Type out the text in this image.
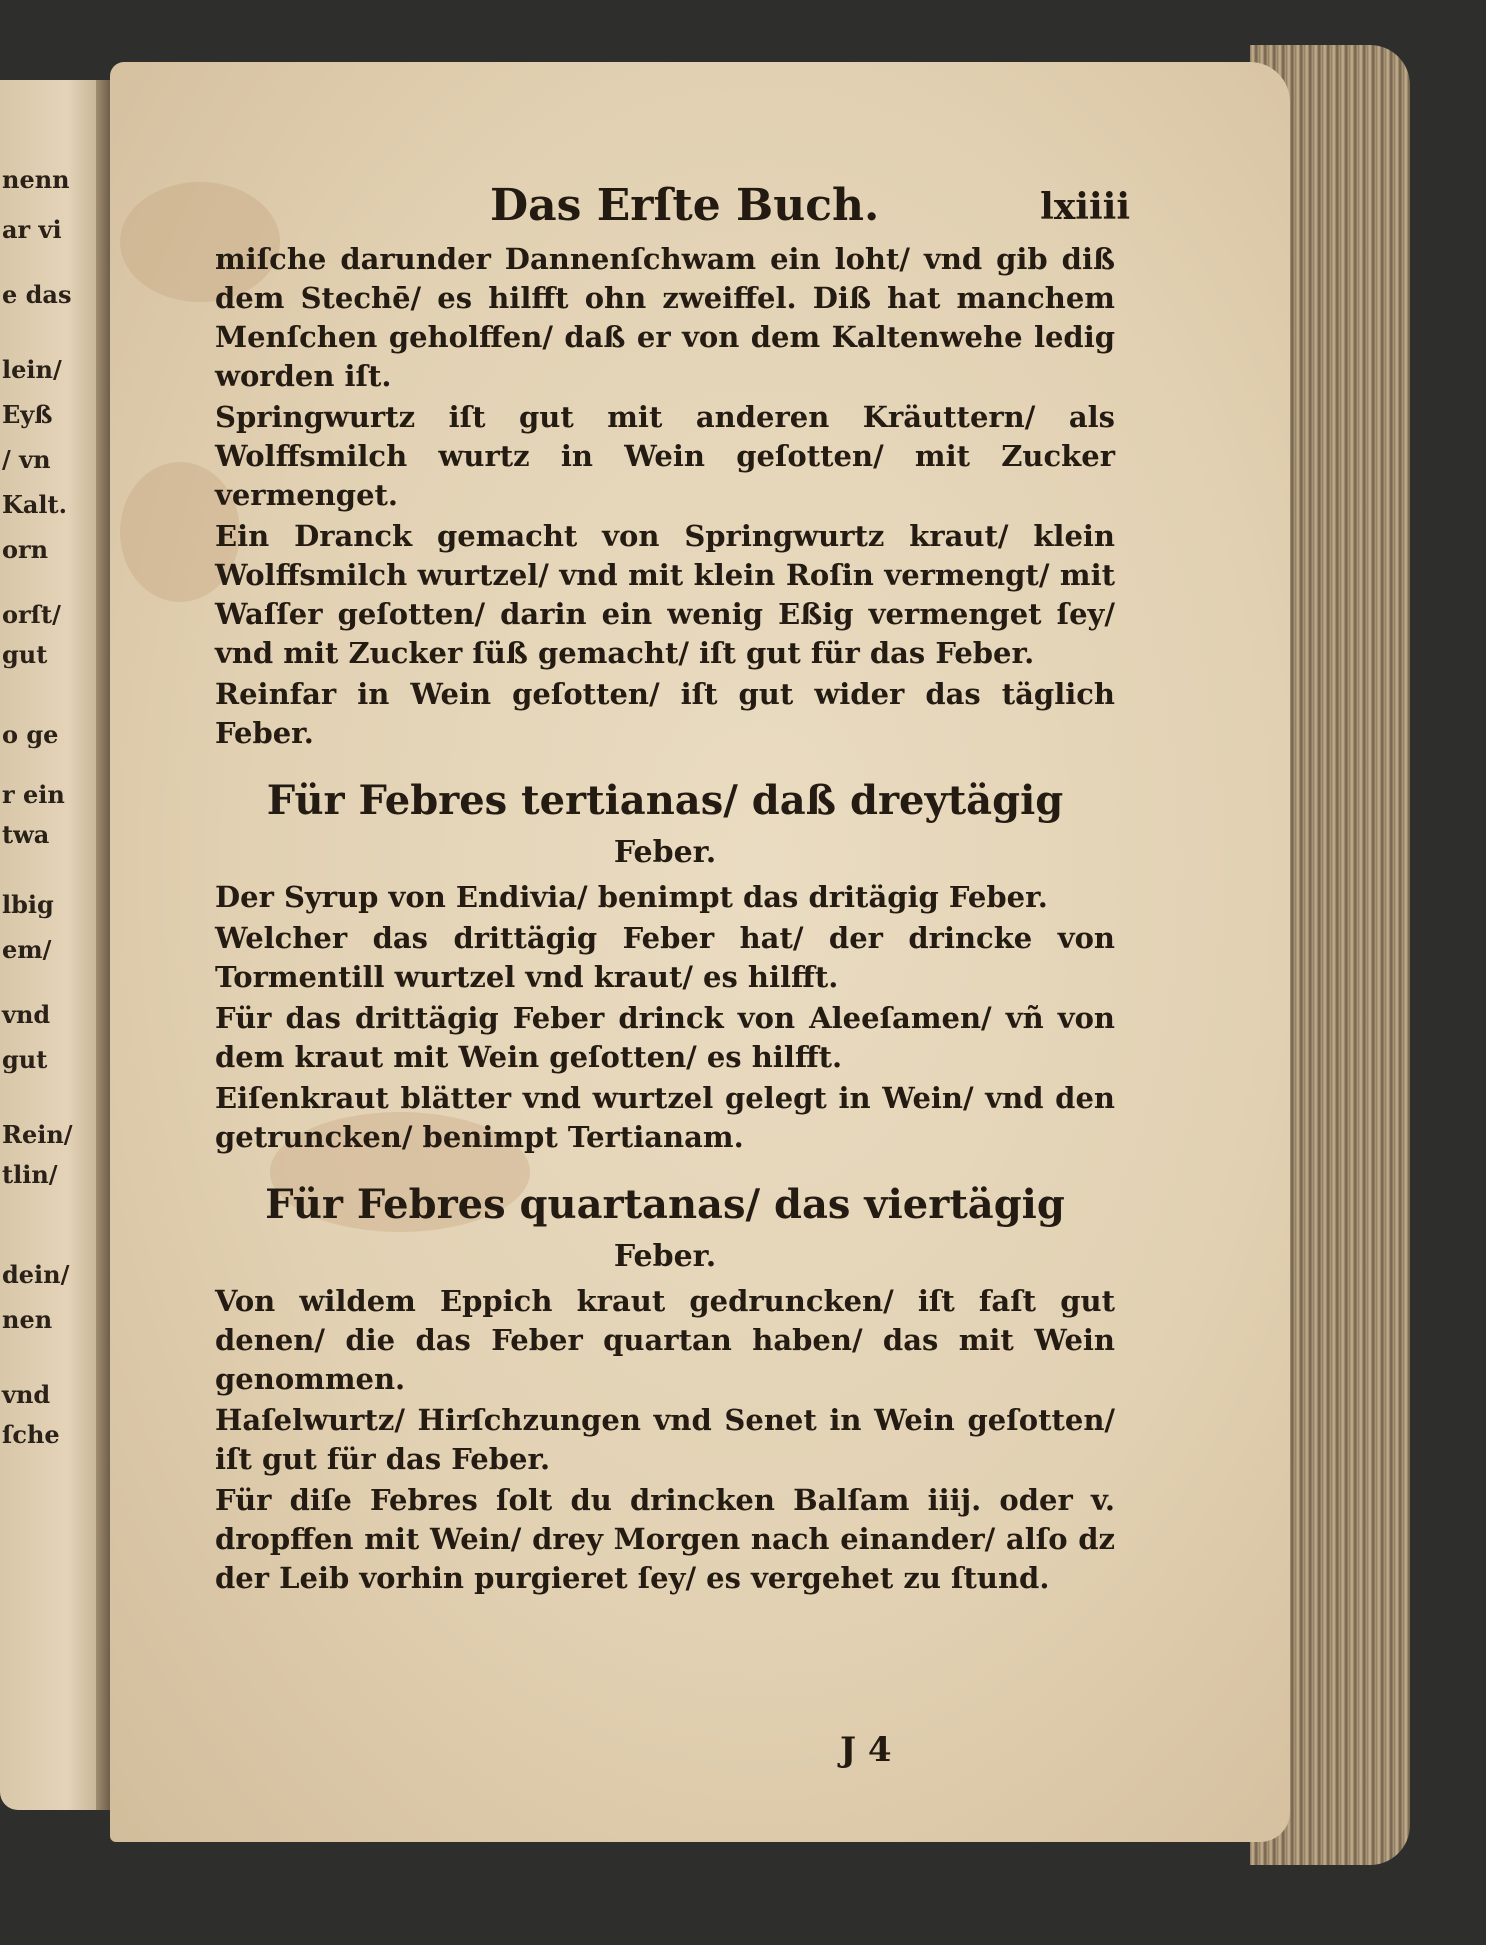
nenn
ar vi
e das
lein/
Eyß
/ vn
Kalt.
orn
orſt/
gut
o ge
r ein
twa
lbig
em/
vnd
gut
Rein/
tlin/
dein/
nen
vnd
ſche
Das Erſte Buch.	lxiiii

miſche darunder Dannenſchwam ein loht/ vnd gib diß dem Stechē/ es hilfft ohn zweiffel. Diß hat manchem Menſchen geholffen/ daß er von dem Kaltenwehe ledig worden iſt.

Springwurtz iſt gut mit anderen Kräuttern/ als Wolffsmilch wurtz in Wein geſotten/ mit Zucker vermenget.

Ein Dranck gemacht von Springwurtz kraut/ klein Wolffsmilch wurtzel/ vnd mit klein Roſin vermengt/ mit Waſſer geſotten/ darin ein wenig Eßig vermenget ſey/ vnd mit Zucker ſüß gemacht/ iſt gut für das Feber.

Reinfar in Wein geſotten/ iſt gut wider das täglich Feber.

Für Febres tertianas/ daß dreytägig
Feber.

Der Syrup von Endivia/ benimpt das dritägig Feber.

Welcher das drittägig Feber hat/ der drincke von Tormentill wurtzel vnd kraut/ es hilfft.

Für das drittägig Feber drinck von Aleeſamen/ vñ von dem kraut mit Wein geſotten/ es hilfft.

Eiſenkraut blätter vnd wurtzel gelegt in Wein/ vnd den getruncken/ benimpt Tertianam.

Für Febres quartanas/ das viertägig
Feber.

Von wildem Eppich kraut gedruncken/ iſt faſt gut denen/ die das Feber quartan haben/ das mit Wein genommen.

Haſelwurtz/ Hirſchzungen vnd Senet in Wein geſotten/ iſt gut für das Feber.

Für diſe Febres ſolt du drincken Balſam iiij. oder v. dropffen mit Wein/ drey Morgen nach einander/ alſo dz der Leib vorhin purgieret ſey/ es vergehet zu ſtund.

J 4
